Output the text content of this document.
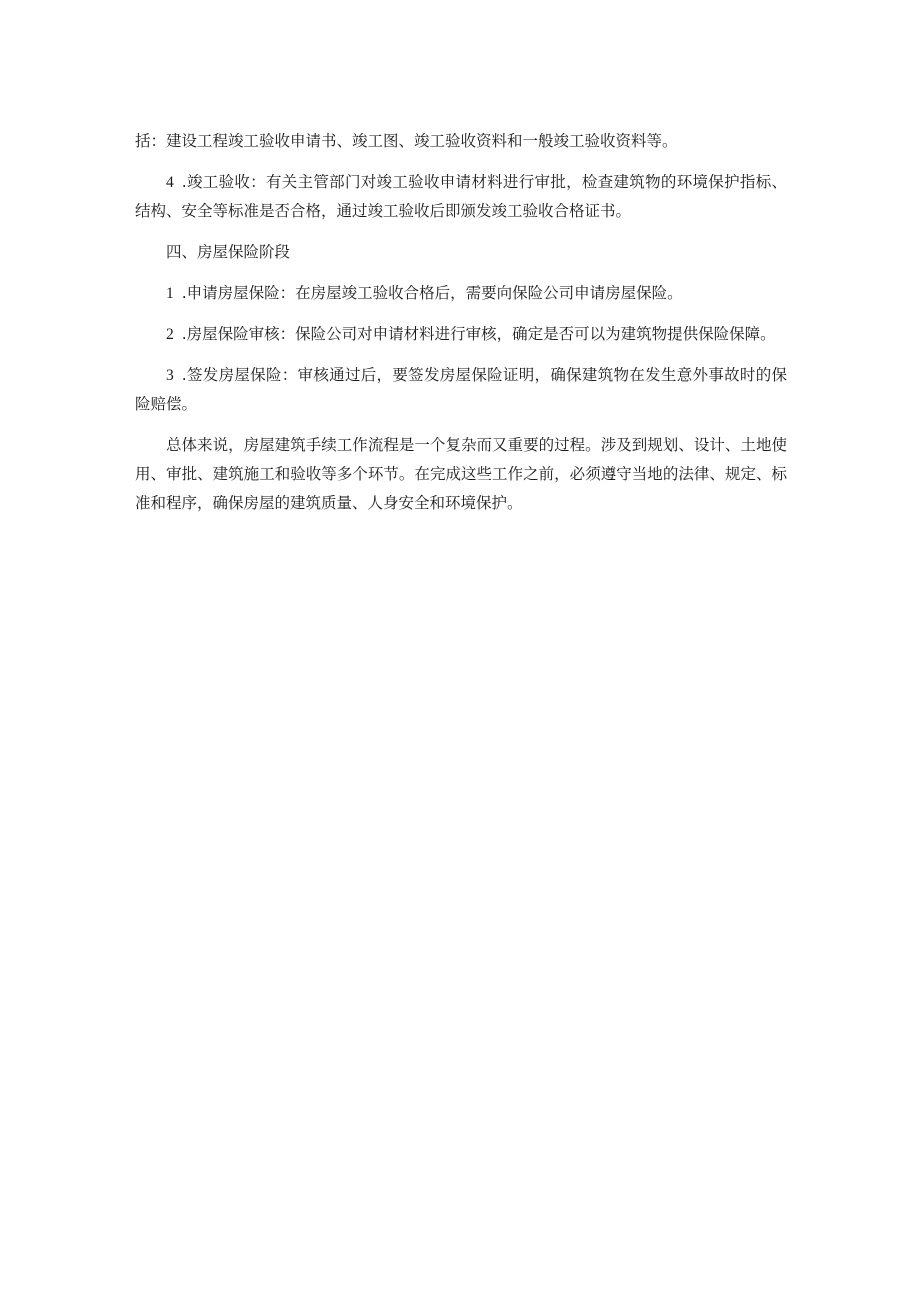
括：建设工程竣工验收申请书、竣工图、竣工验收资料和一般竣工验收资料等。

4 .竣工验收：有关主管部门对竣工验收申请材料进行审批，检查建筑物的环境保护指标、结构、安全等标准是否合格，通过竣工验收后即颁发竣工验收合格证书。

四、房屋保险阶段

1 .申请房屋保险：在房屋竣工验收合格后，需要向保险公司申请房屋保险。

2 .房屋保险审核：保险公司对申请材料进行审核，确定是否可以为建筑物提供保险保障。

3 .签发房屋保险：审核通过后，要签发房屋保险证明，确保建筑物在发生意外事故时的保险赔偿。

总体来说，房屋建筑手续工作流程是一个复杂而又重要的过程。涉及到规划、设计、土地使用、审批、建筑施工和验收等多个环节。在完成这些工作之前，必须遵守当地的法律、规定、标准和程序，确保房屋的建筑质量、人身安全和环境保护。
